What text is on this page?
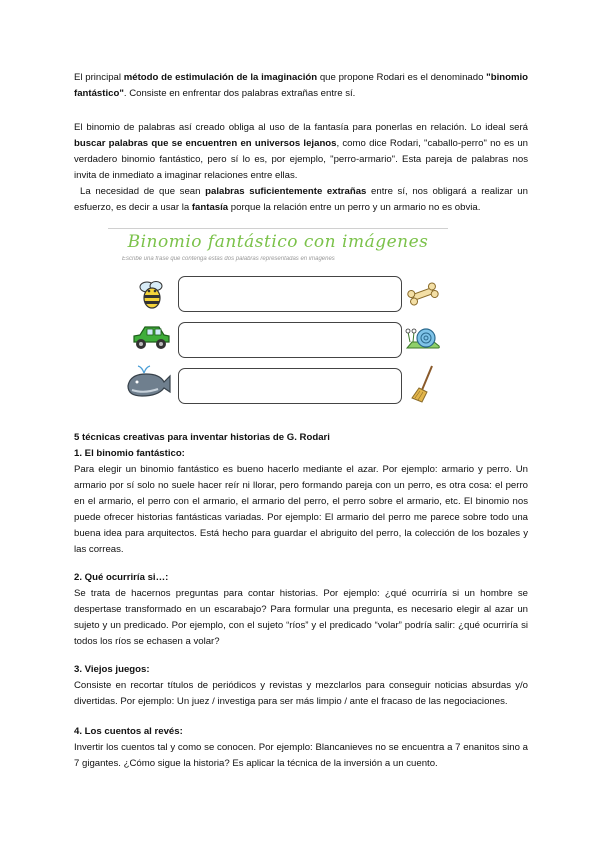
El principal método de estimulación de la imaginación que propone Rodari es el denominado "binomio fantástico". Consiste en enfrentar dos palabras extrañas entre sí.

El binomio de palabras así creado obliga al uso de la fantasía para ponerlas en relación. Lo ideal será buscar palabras que se encuentren en universos lejanos, como dice Rodari, "caballo-perro" no es un verdadero binomio fantástico, pero sí lo es, por ejemplo, "perro-armario". Esta pareja de palabras nos invita de inmediato a imaginar relaciones entre ellas.

La necesidad de que sean palabras suficientemente extrañas entre sí, nos obligará a realizar un esfuerzo, es decir a usar la fantasía porque la relación entre un perro y un armario no es obvia.

Binomio fantástico con imágenes
Escribe una frase que contenga estas dos palabras representadas en imágenes
5 técnicas creativas para inventar historias de G. Rodari
1. El binomio fantástico:
Para elegir un binomio fantástico es bueno hacerlo mediante el azar. Por ejemplo: armario y perro. Un armario por sí solo no suele hacer reír ni llorar, pero formando pareja con un perro, es otra cosa: el perro en el armario, el perro con el armario, el armario del perro, el perro sobre el armario, etc. El binomio nos puede ofrecer historias fantásticas variadas. Por ejemplo: El armario del perro me parece sobre todo una buena idea para arquitectos. Está hecho para guardar el abriguito del perro, la colección de los bozales y las correas.
2. Qué ocurriría si…:
Se trata de hacernos preguntas para contar historias. Por ejemplo: ¿qué ocurriría si un hombre se despertase transformado en un escarabajo? Para formular una pregunta, es necesario elegir al azar un sujeto y un predicado. Por ejemplo, con el sujeto “ríos” y el predicado “volar” podría salir: ¿qué ocurriría si todos los ríos se echasen a volar?
3. Viejos juegos:
Consiste en recortar títulos de periódicos y revistas y mezclarlos para conseguir noticias absurdas y/o divertidas. Por ejemplo: Un juez / investiga para ser más limpio / ante el fracaso de las negociaciones.
4. Los cuentos al revés:
Invertir los cuentos tal y como se conocen. Por ejemplo: Blancanieves no se encuentra a 7 enanitos sino a 7 gigantes. ¿Cómo sigue la historia? Es aplicar la técnica de la inversión a un cuento.
